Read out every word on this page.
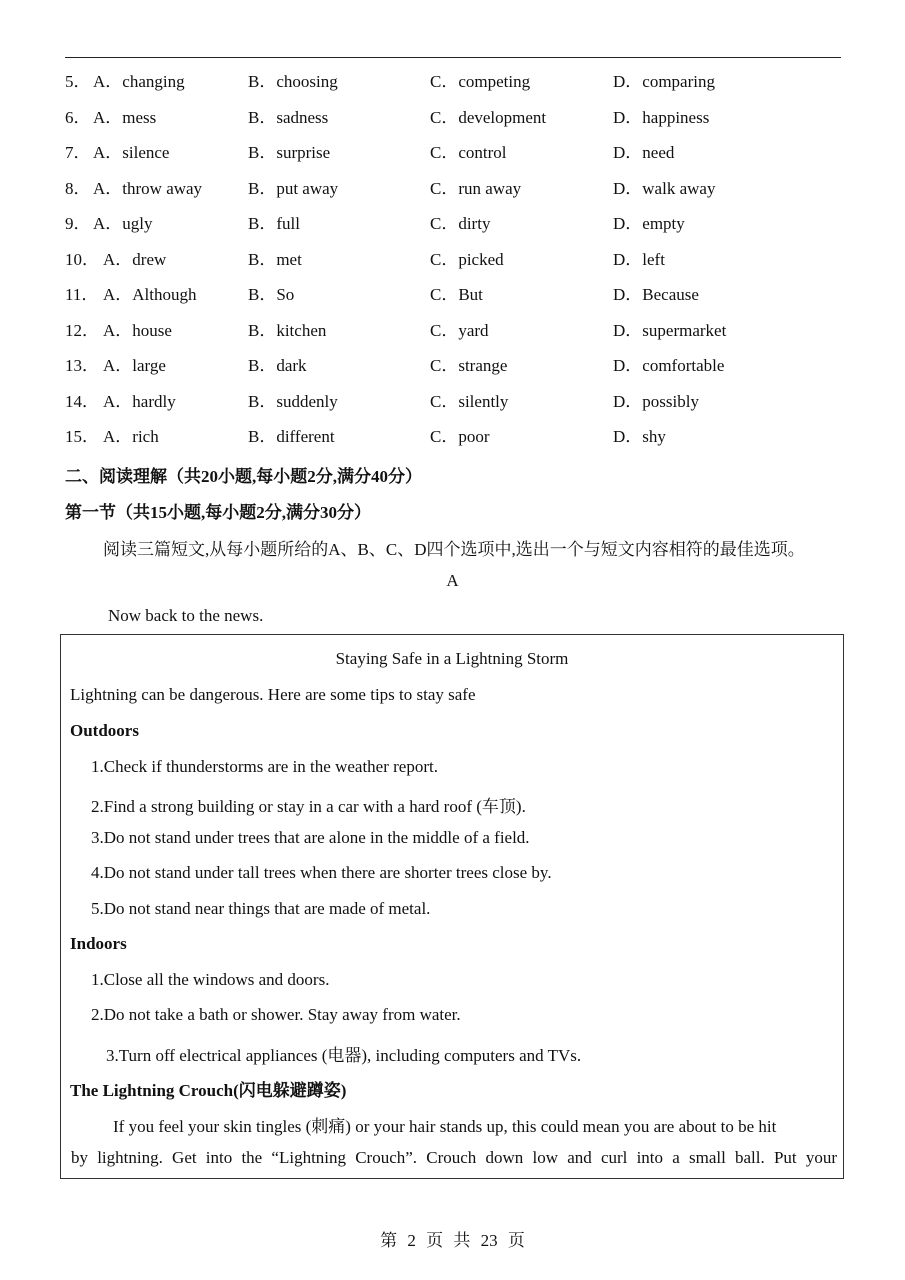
5． A．changing	B．choosing	C．competing	D．comparing
6． A．mess	B．sadness	C．development	D．happiness
7． A．silence	B．surprise	C．control	D．need
8． A．throw away	B．put away	C．run away	D．walk away
9． A．ugly	B．full	C．dirty	D．empty
10． A．drew	B．met	C．picked	D．left
11． A．Although	B．So	C．But	D．Because
12． A．house	B．kitchen	C．yard	D．supermarket
13． A．large	B．dark	C．strange	D．comfortable
14． A．hardly	B．suddenly	C．silently	D．possibly
15． A．rich	B．different	C．poor	D．shy
二、阅读理解（共20小题,每小题2分,满分40分）
第一节（共15小题,每小题2分,满分30分）
阅读三篇短文,从每小题所给的A、B、C、D四个选项中,选出一个与短文内容相符的最佳选项。
A
Now back to the news.
Staying Safe in a Lightning Storm
Lightning can be dangerous. Here are some tips to stay safe
Outdoors
1.Check if thunderstorms are in the weather report.
2.Find a strong building or stay in a car with a hard roof (车顶).
3.Do not stand under trees that are alone in the middle of a field.
4.Do not stand under tall trees when there are shorter trees close by.
5.Do not stand near things that are made of metal.
Indoors
1.Close all the windows and doors.
2.Do not take a bath or shower. Stay away from water.
3.Turn off electrical appliances (电器), including computers and TVs.
The Lightning Crouch(闪电躲避蹲姿)
If you feel your skin tingles (刺痛) or your hair stands up, this could mean you are about to be hit
by lightning. Get into the “Lightning Crouch”. Crouch down low and curl into a small ball. Put your
第 2 页 共 23 页
